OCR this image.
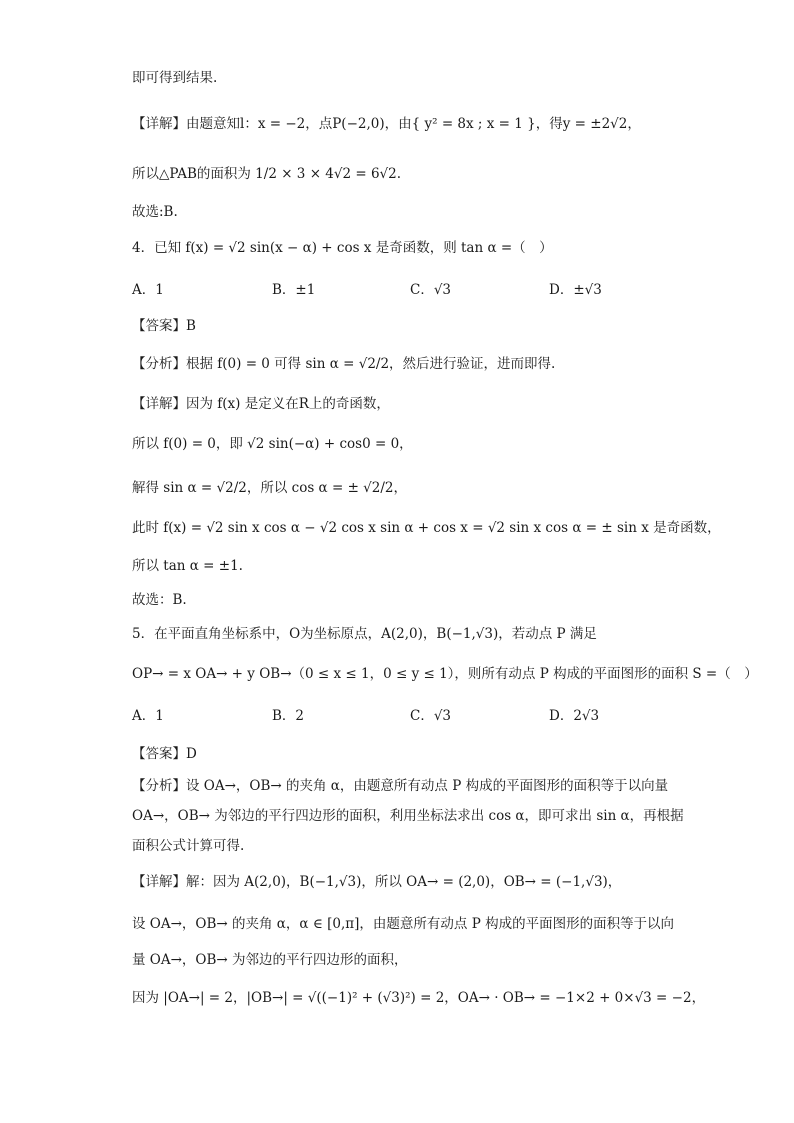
即可得到结果.
【详解】由题意知l：x = −2，点P(−2,0)，由{ y² = 8x ; x = 1 }，得y = ±2√2，
所以△PAB的面积为 1/2 × 3 × 4√2 = 6√2.
故选:B.
4．已知 f(x) = √2 sin(x − α) + cos x 是奇函数，则 tan α =（　）
A．1	B．±1	C．√3	D．±√3
【答案】B
【分析】根据 f(0) = 0 可得 sin α = √2/2，然后进行验证，进而即得.
【详解】因为 f(x) 是定义在R上的奇函数，
所以 f(0) = 0，即 √2 sin(−α) + cos0 = 0，
解得 sin α = √2/2，所以 cos α = ± √2/2，
此时 f(x) = √2 sin x cos α − √2 cos x sin α + cos x = √2 sin x cos α = ± sin x 是奇函数，
所以 tan α = ±1.
故选：B.
5．在平面直角坐标系中，O为坐标原点，A(2,0)，B(−1,√3)，若动点 P 满足
OP→ = x OA→ + y OB→（0 ≤ x ≤ 1，0 ≤ y ≤ 1），则所有动点 P 构成的平面图形的面积 S =（　）
A．1	B．2	C．√3	D．2√3
【答案】D
【分析】设 OA→，OB→ 的夹角 α，由题意所有动点 P 构成的平面图形的面积等于以向量
OA→，OB→ 为邻边的平行四边形的面积，利用坐标法求出 cos α，即可求出 sin α，再根据
面积公式计算可得.
【详解】解：因为 A(2,0)，B(−1,√3)，所以 OA→ = (2,0)，OB→ = (−1,√3)，
设 OA→，OB→ 的夹角 α，α ∈ [0,π]，由题意所有动点 P 构成的平面图形的面积等于以向
量 OA→，OB→ 为邻边的平行四边形的面积，
因为 |OA→| = 2，|OB→| = √((−1)² + (√3)²) = 2，OA→ · OB→ = −1×2 + 0×√3 = −2，
